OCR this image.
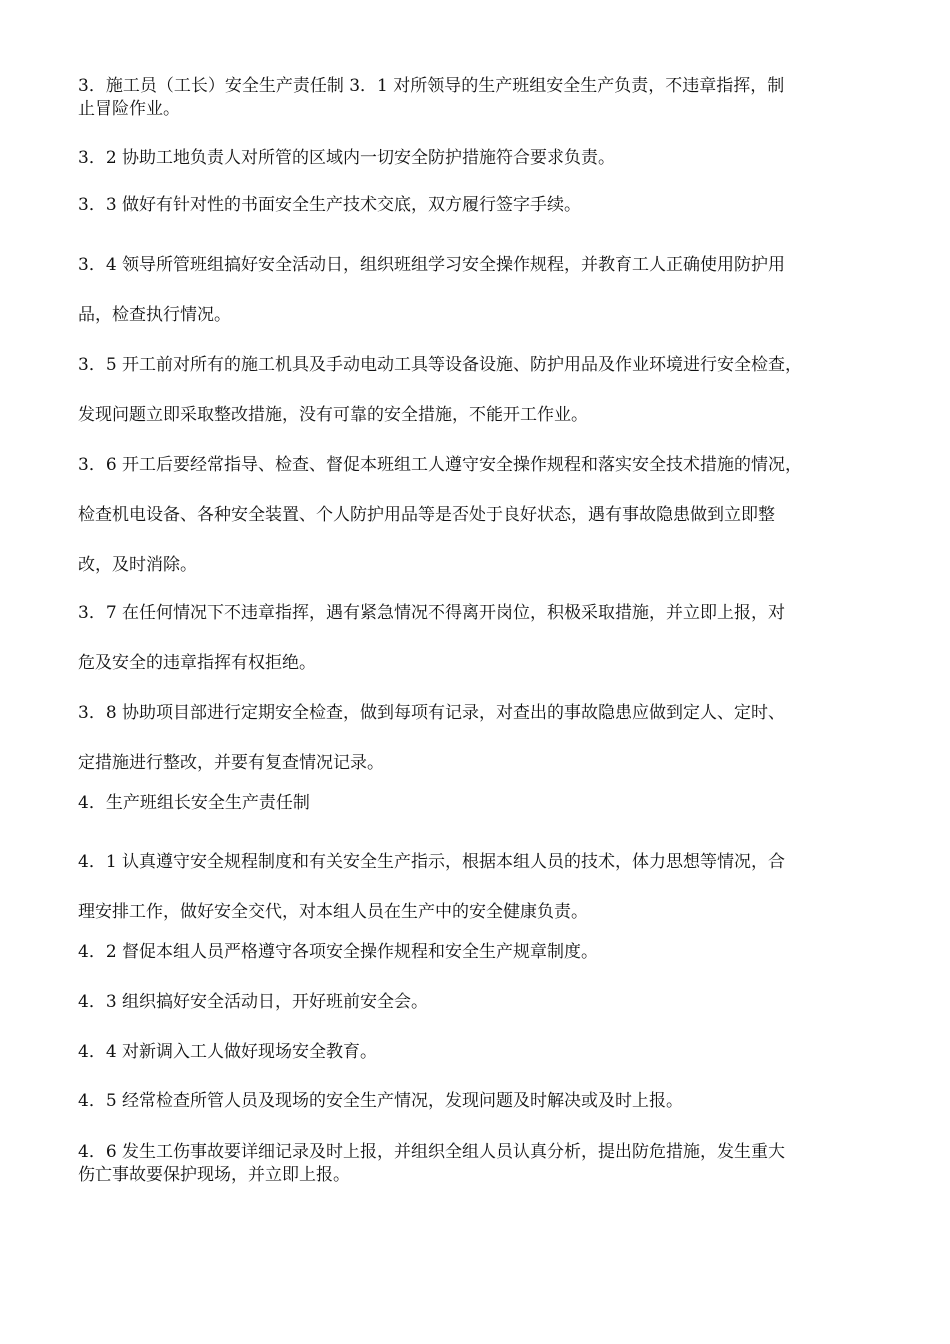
3．施工员（工长）安全生产责任制 3．1 对所领导的生产班组安全生产负责，不违章指挥，制
止冒险作业。

3．2 协助工地负责人对所管的区域内一切安全防护措施符合要求负责。

3．3 做好有针对性的书面安全生产技术交底，双方履行签字手续。

3．4 领导所管班组搞好安全活动日，组织班组学习安全操作规程，并教育工人正确使用防护用
品，检查执行情况。

3．5 开工前对所有的施工机具及手动电动工具等设备设施、防护用品及作业环境进行安全检查，
发现问题立即采取整改措施，没有可靠的安全措施，不能开工作业。

3．6 开工后要经常指导、检查、督促本班组工人遵守安全操作规程和落实安全技术措施的情况，
检查机电设备、各种安全装置、个人防护用品等是否处于良好状态，遇有事故隐患做到立即整
改，及时消除。

3．7 在任何情况下不违章指挥，遇有紧急情况不得离开岗位，积极采取措施，并立即上报，对
危及安全的违章指挥有权拒绝。

3．8 协助项目部进行定期安全检查，做到每项有记录，对查出的事故隐患应做到定人、定时、
定措施进行整改，并要有复查情况记录。

4．生产班组长安全生产责任制

4．1 认真遵守安全规程制度和有关安全生产指示，根据本组人员的技术，体力思想等情况，合
理安排工作，做好安全交代，对本组人员在生产中的安全健康负责。

4．2 督促本组人员严格遵守各项安全操作规程和安全生产规章制度。

4．3 组织搞好安全活动日，开好班前安全会。

4．4 对新调入工人做好现场安全教育。

4．5 经常检查所管人员及现场的安全生产情况，发现问题及时解决或及时上报。

4．6 发生工伤事故要详细记录及时上报，并组织全组人员认真分析，提出防危措施，发生重大
伤亡事故要保护现场，并立即上报。
